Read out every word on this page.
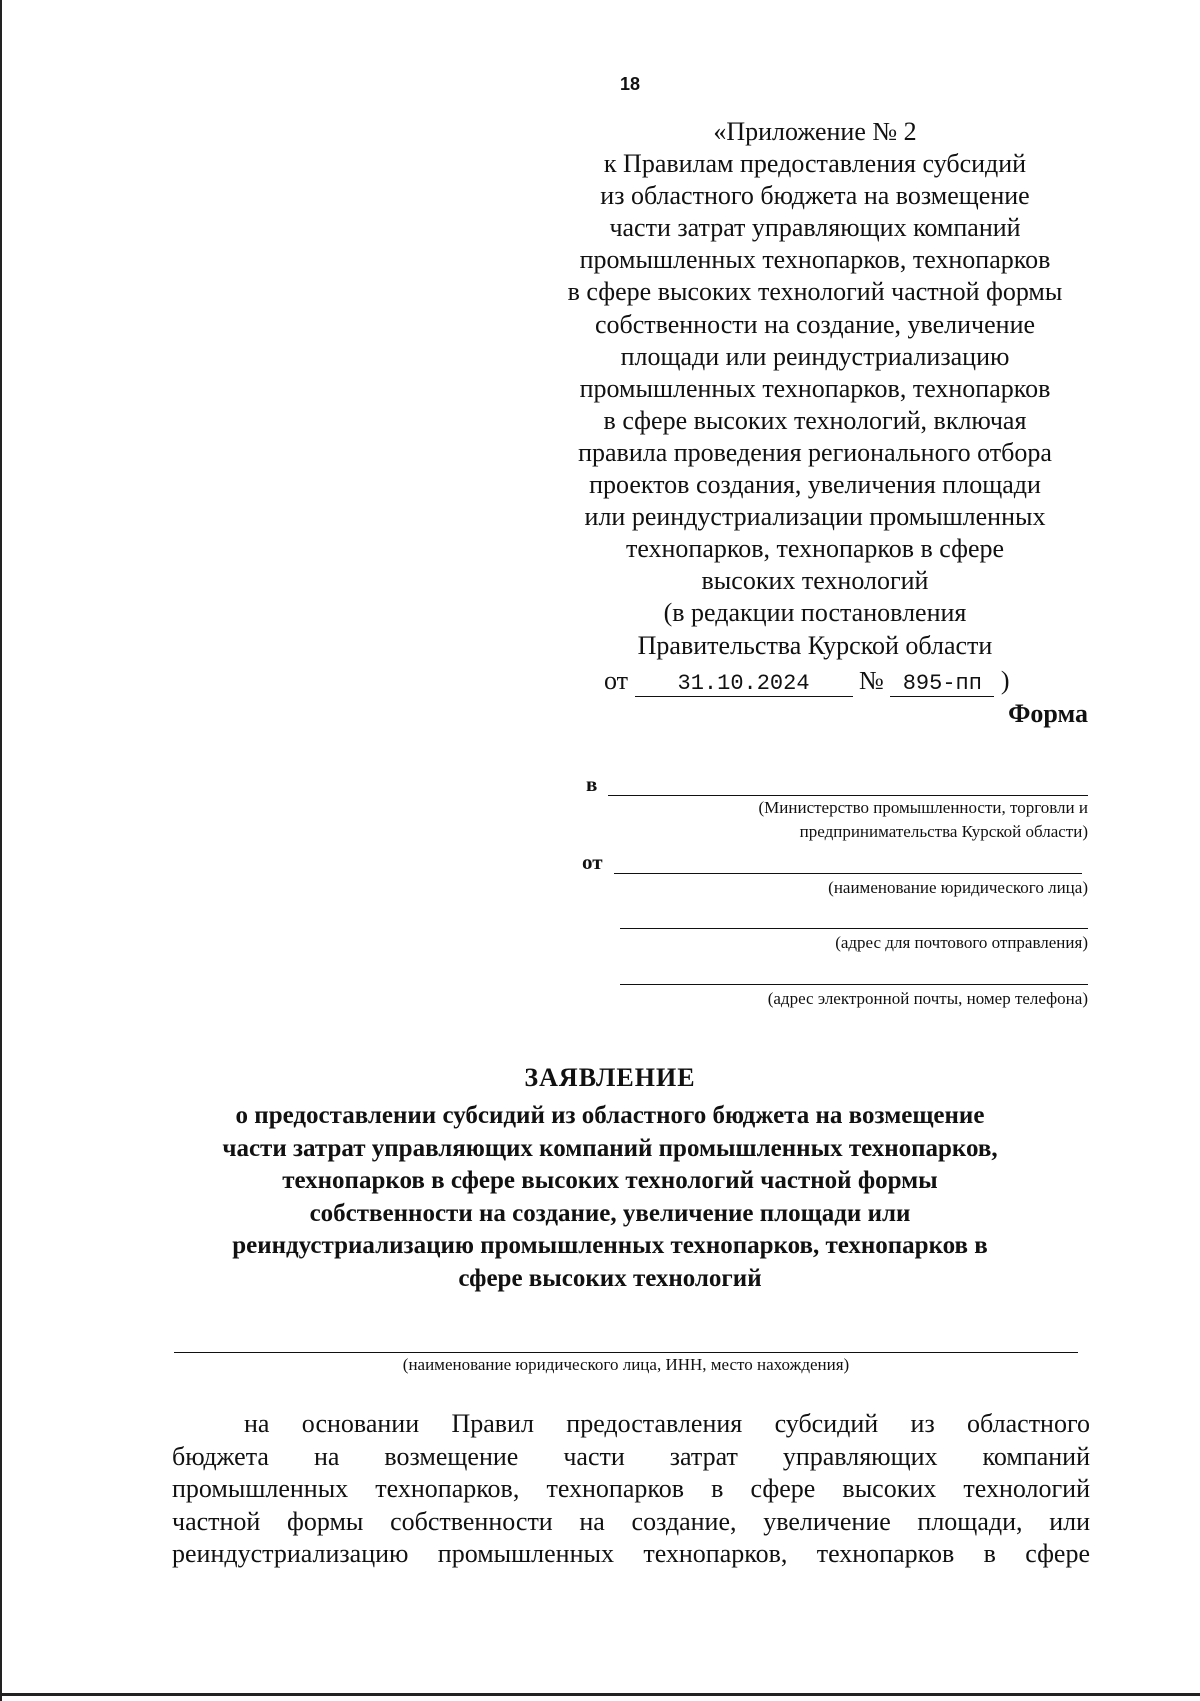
18
«Приложение № 2
к Правилам предоставления субсидий
из областного бюджета на возмещение
части затрат управляющих компаний
промышленных технопарков, технопарков
в сфере высоких технологий частной формы
собственности на создание, увеличение
площади или реиндустриализацию
промышленных технопарков, технопарков
в сфере высоких технологий, включая
правила проведения регионального отбора
проектов создания, увеличения площади
или реиндустриализации промышленных
технопарков, технопарков в сфере
высоких технологий
(в редакции постановления
Правительства Курской области
от 31.10.2024 № 895-пп )
Форма
в
(Министерство промышленности, торговли и
предпринимательства Курской области)
от
(наименование юридического лица)
(адрес для почтового отправления)
(адрес электронной почты, номер телефона)
ЗАЯВЛЕНИЕ
о предоставлении субсидий из областного бюджета на возмещение
части затрат управляющих компаний промышленных технопарков,
технопарков в сфере высоких технологий частной формы
собственности на создание, увеличение площади или
реиндустриализацию промышленных технопарков, технопарков в
сфере высоких технологий
(наименование юридического лица, ИНН, место нахождения)
на основании Правил предоставления субсидий из областного
бюджета на возмещение части затрат управляющих компаний
промышленных технопарков, технопарков в сфере высоких технологий
частной формы собственности на создание, увеличение площади, или
реиндустриализацию промышленных технопарков, технопарков в сфере
